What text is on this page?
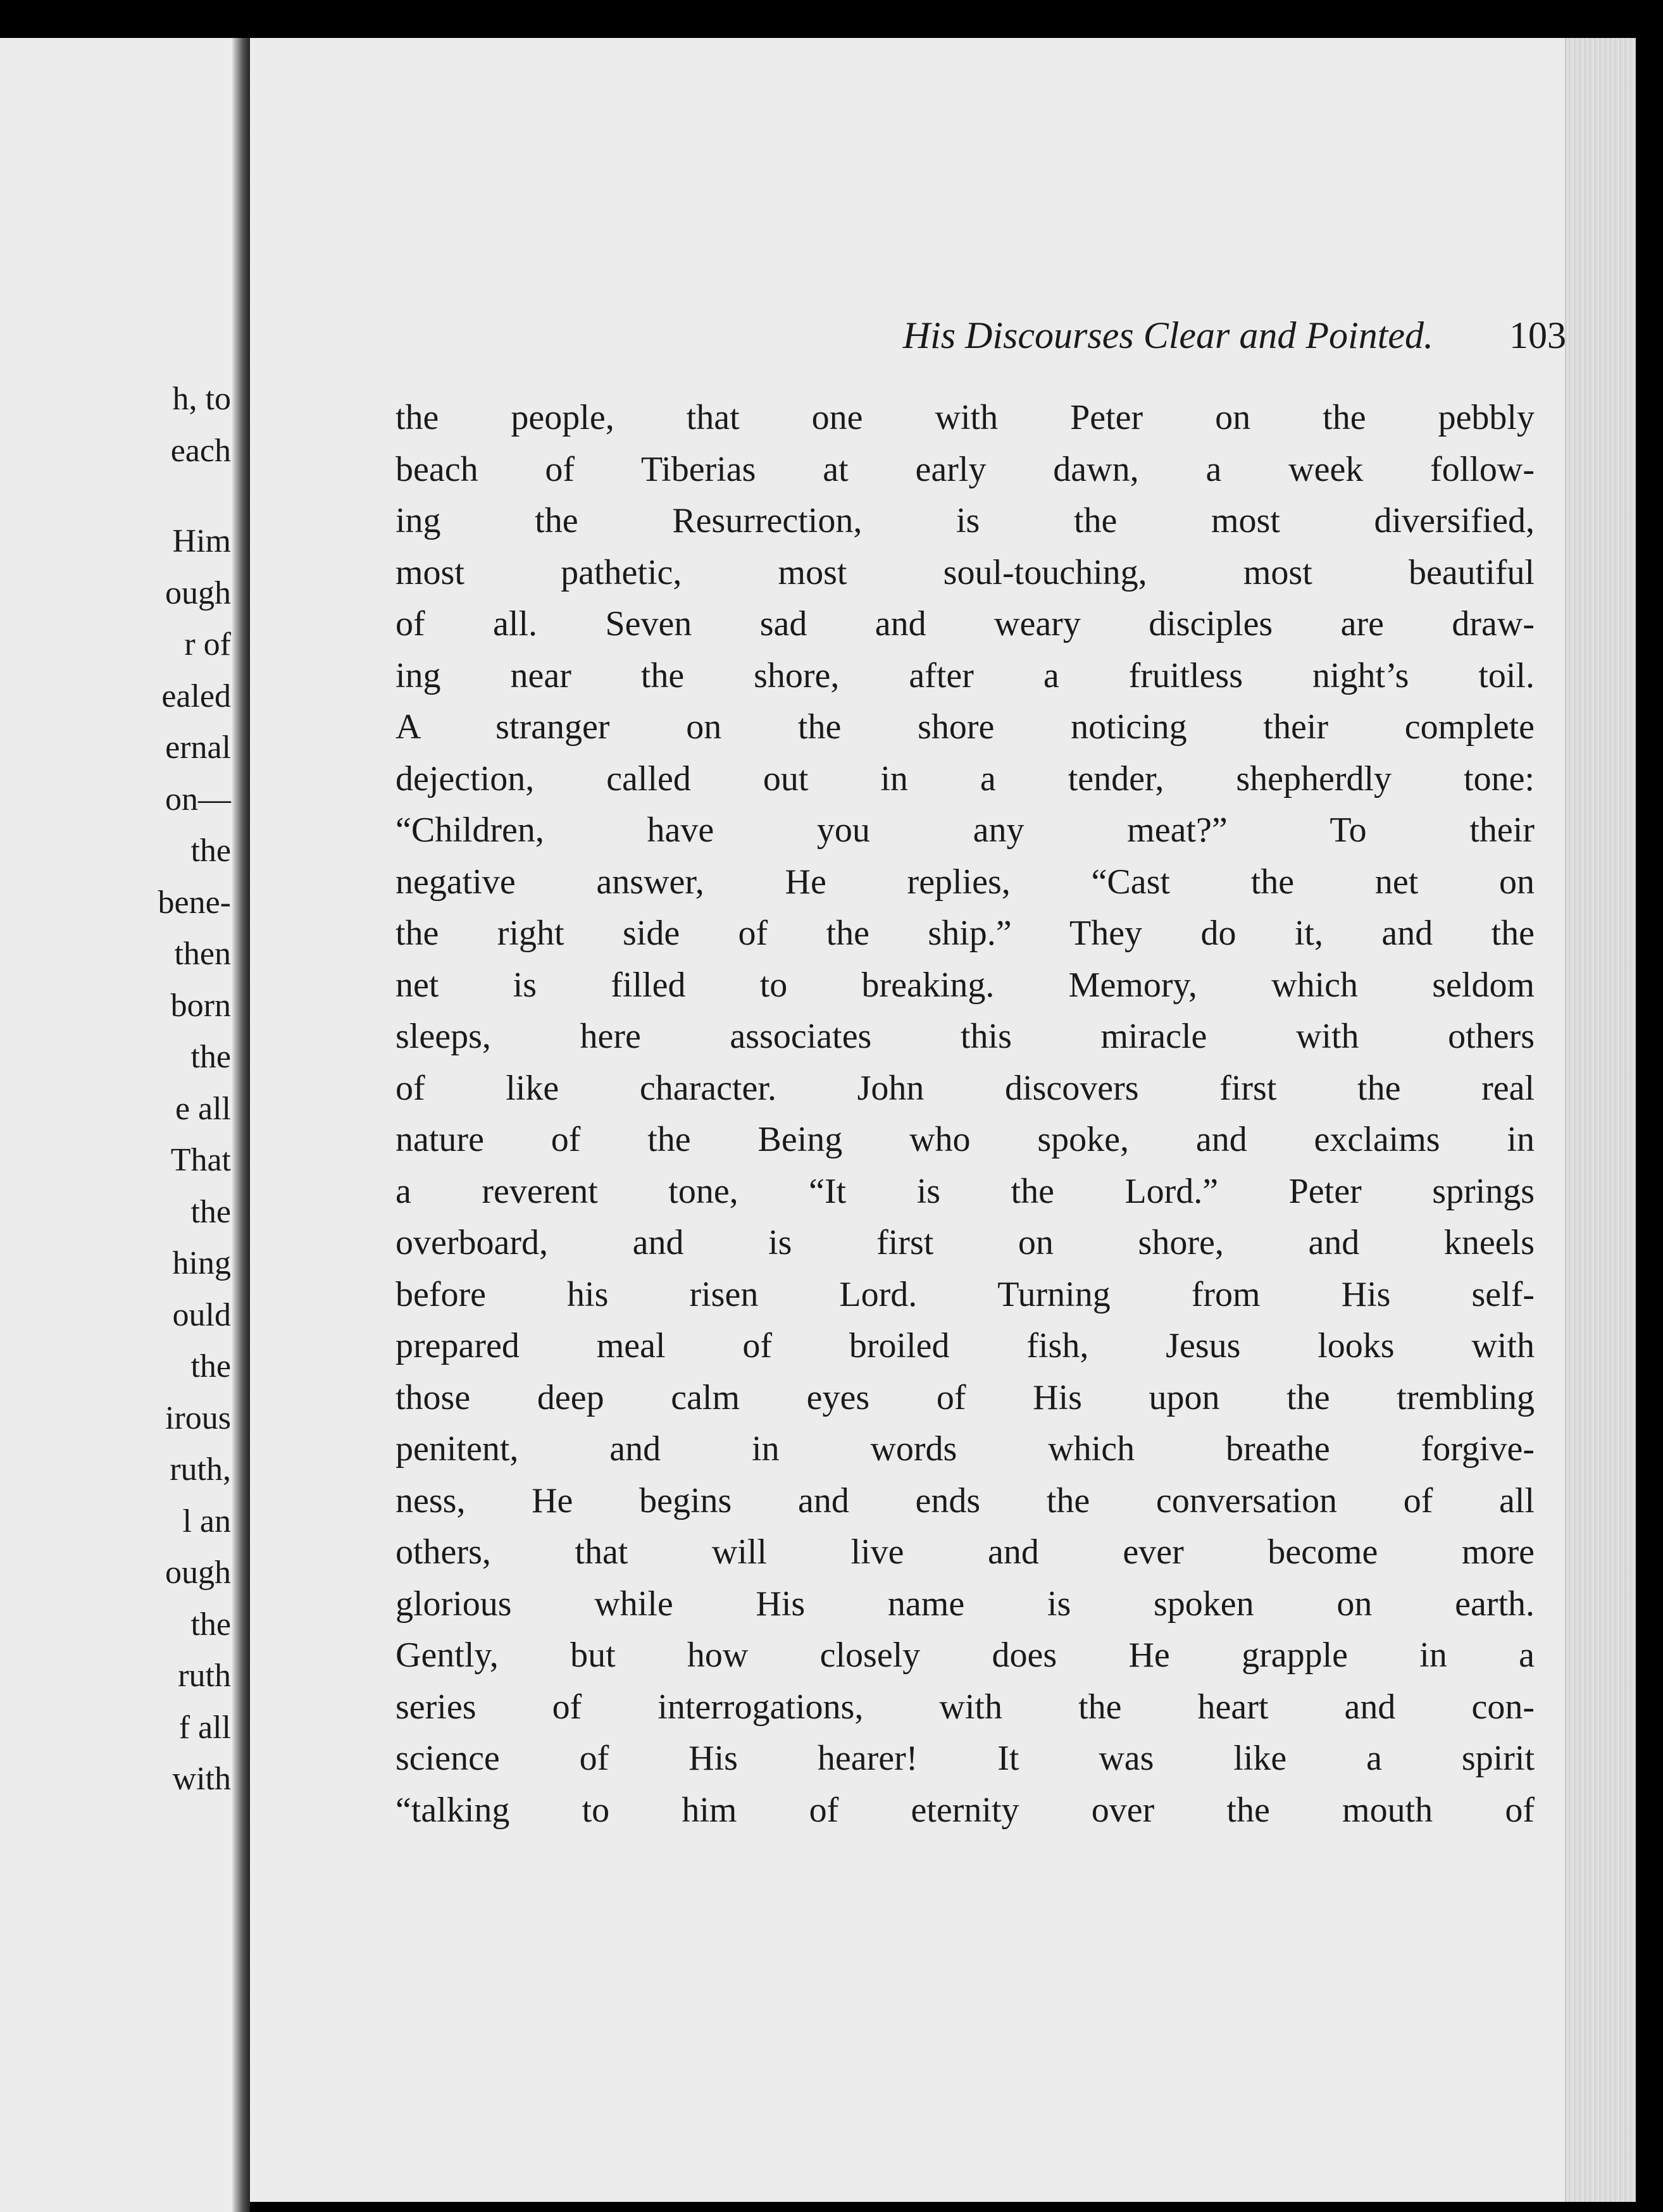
h, to
each
Him
ough
r of
ealed
ernal
on—
the
bene-
then
born
the
e all
That
the
hing
ould
the
irous
ruth,
l an
ough
the
ruth
f all
with
His Discourses Clear and Pointed. 103
the people, that one with Peter on the pebbly
beach of Tiberias at early dawn, a week follow-
ing the Resurrection, is the most diversified,
most pathetic, most soul-touching, most beautiful
of all. Seven sad and weary disciples are draw-
ing near the shore, after a fruitless night’s toil.
A stranger on the shore noticing their complete
dejection, called out in a tender, shepherdly tone:
“Children, have you any meat?” To their
negative answer, He replies, “Cast the net on
the right side of the ship.” They do it, and the
net is filled to breaking. Memory, which seldom
sleeps, here associates this miracle with others
of like character. John discovers first the real
nature of the Being who spoke, and exclaims in
a reverent tone, “It is the Lord.” Peter springs
overboard, and is first on shore, and kneels
before his risen Lord. Turning from His self-
prepared meal of broiled fish, Jesus looks with
those deep calm eyes of His upon the trembling
penitent, and in words which breathe forgive-
ness, He begins and ends the conversation of all
others, that will live and ever become more
glorious while His name is spoken on earth.
Gently, but how closely does He grapple in a
series of interrogations, with the heart and con-
science of His hearer! It was like a spirit
“talking to him of eternity over the mouth of
